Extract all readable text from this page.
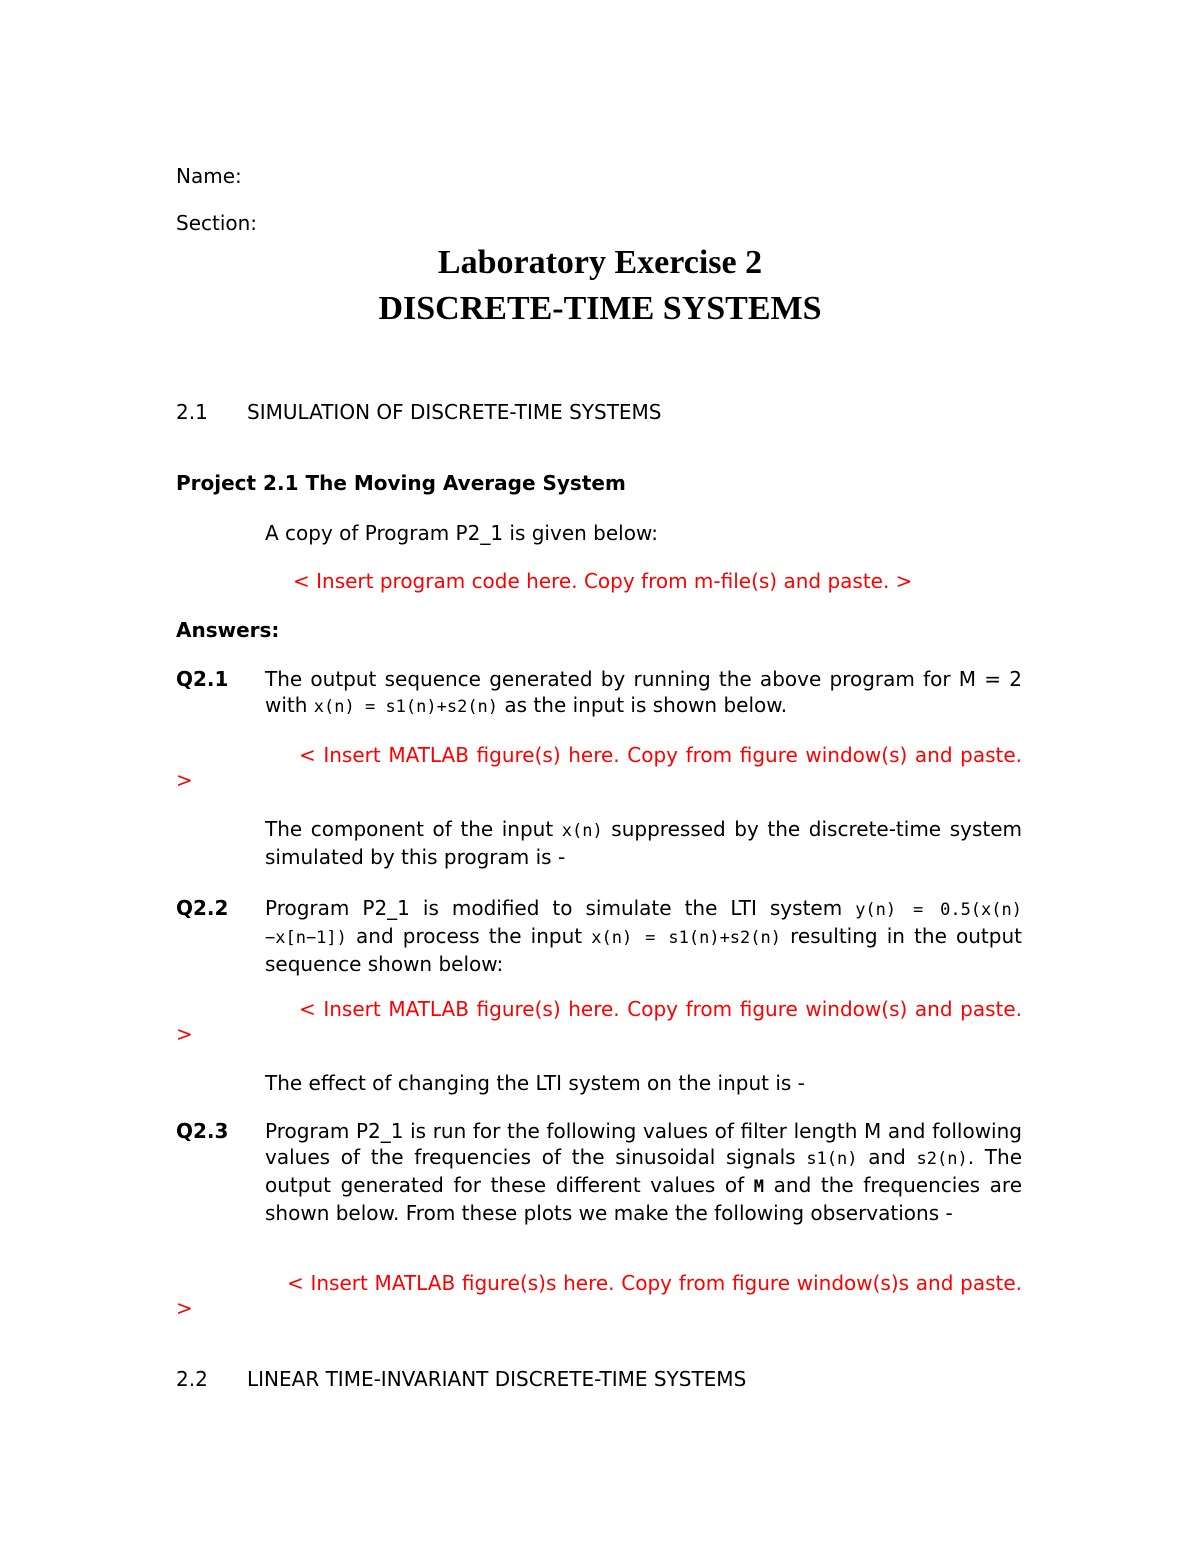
Name:
Section:
Laboratory Exercise 2
DISCRETE-TIME SYSTEMS
2.1 SIMULATION OF DISCRETE-TIME SYSTEMS
Project 2.1 The Moving Average System
A copy of Program P2_1 is given below:
< Insert program code here. Copy from m-file(s) and paste. >
Answers:
Q2.1 The output sequence generated by running the above program for M = 2 with x(n) = s1(n)+s2(n) as the input is shown below.
< Insert MATLAB figure(s) here. Copy from figure window(s) and paste. >
The component of the input x(n) suppressed by the discrete-time system simulated by this program is -
Q2.2 Program P2_1 is modified to simulate the LTI system y(n) = 0.5(x(n)−x[n−1]) and process the input x(n) = s1(n)+s2(n) resulting in the output sequence shown below:
< Insert MATLAB figure(s) here. Copy from figure window(s) and paste. >
The effect of changing the LTI system on the input is -
Q2.3 Program P2_1 is run for the following values of filter length M and following values of the frequencies of the sinusoidal signals s1(n) and s2(n). The output generated for these different values of M and the frequencies are shown below. From these plots we make the following observations -
< Insert MATLAB figure(s)s here. Copy from figure window(s)s and paste. >
2.2 LINEAR TIME-INVARIANT DISCRETE-TIME SYSTEMS
